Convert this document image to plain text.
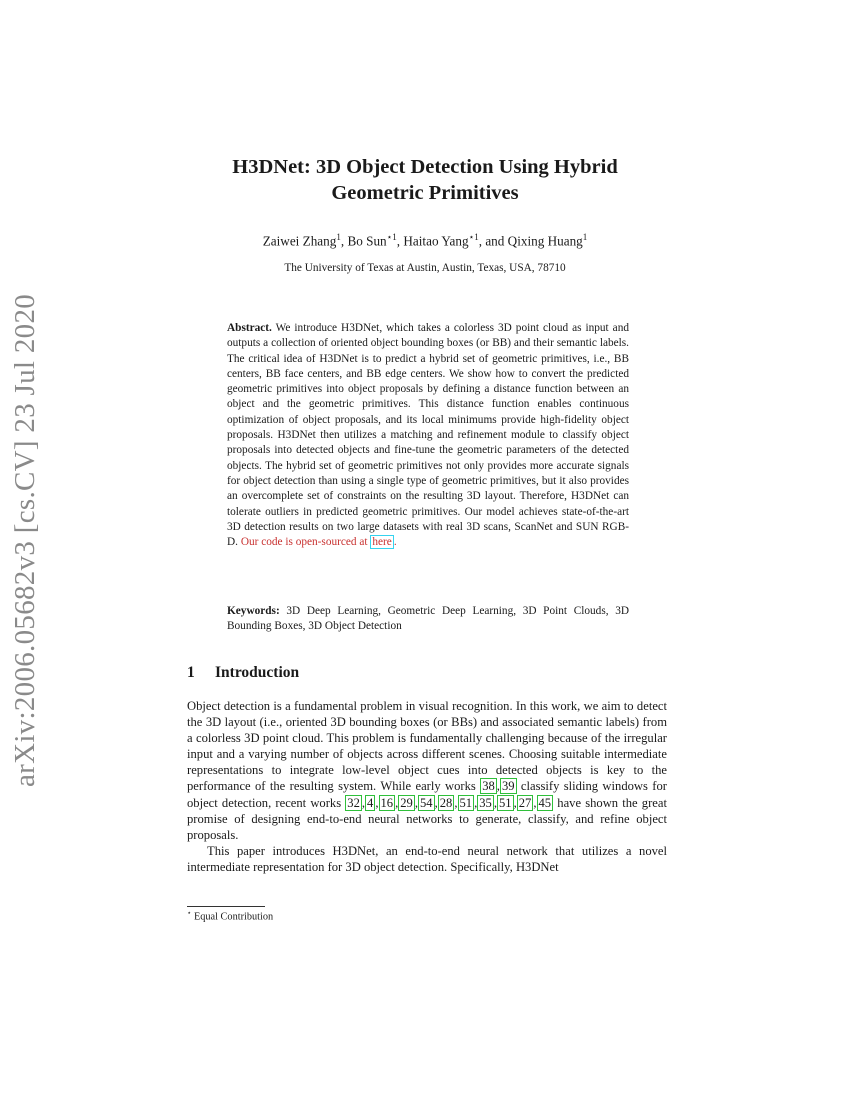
arXiv:2006.05682v3 [cs.CV] 23 Jul 2020
H3DNet: 3D Object Detection Using Hybrid
Geometric Primitives
Zaiwei Zhang$^1$, Bo Sun$^{⋆1}$, Haitao Yang$^{⋆1}$, and Qixing Huang$^1$
The University of Texas at Austin, Austin, Texas, USA, 78710
Abstract. We introduce H3DNet, which takes a colorless 3D point cloud as input and outputs a collection of oriented object bounding boxes (or BB) and their semantic labels. The critical idea of H3DNet is to predict a hybrid set of geometric primitives, i.e., BB centers, BB face centers, and BB edge centers. We show how to convert the predicted geometric primitives into object proposals by defining a distance function between an object and the geometric primitives. This distance function enables continuous optimization of object proposals, and its local minimums provide high-fidelity object proposals. H3DNet then utilizes a matching and refinement module to classify object proposals into detected objects and fine-tune the geometric parameters of the detected objects. The hybrid set of geometric primitives not only provides more accurate signals for object detection than using a single type of geometric primitives, but it also provides an overcomplete set of constraints on the resulting 3D layout. Therefore, H3DNet can tolerate outliers in predicted geometric primitives. Our model achieves state-of-the-art 3D detection results on two large datasets with real 3D scans, ScanNet and SUN RGB-D. Our code is open-sourced at here .
Keywords: 3D Deep Learning, Geometric Deep Learning, 3D Point Clouds, 3D Bounding Boxes, 3D Object Detection
1 Introduction

Object detection is a fundamental problem in visual recognition. In this work, we aim to detect the 3D layout (i.e., oriented 3D bounding boxes (or BBs) and associated semantic labels) from a colorless 3D point cloud. This problem is fundamentally challenging because of the irregular input and a varying number of objects across different scenes. Choosing suitable intermediate representations to integrate low-level object cues into detected objects is key to the performance of the resulting system. While early works 38 , 39 classify sliding windows for object detection, recent works 32 , 4 , 16 , 29 , 54 , 28 , 51 , 35 , 51 , 27 , 45 have shown the great promise of designing end-to-end neural networks to generate, classify, and refine object proposals.

This paper introduces H3DNet, an end-to-end neural network that utilizes a novel intermediate representation for 3D object detection. Specifically, H3DNet

⋆ Equal Contribution
